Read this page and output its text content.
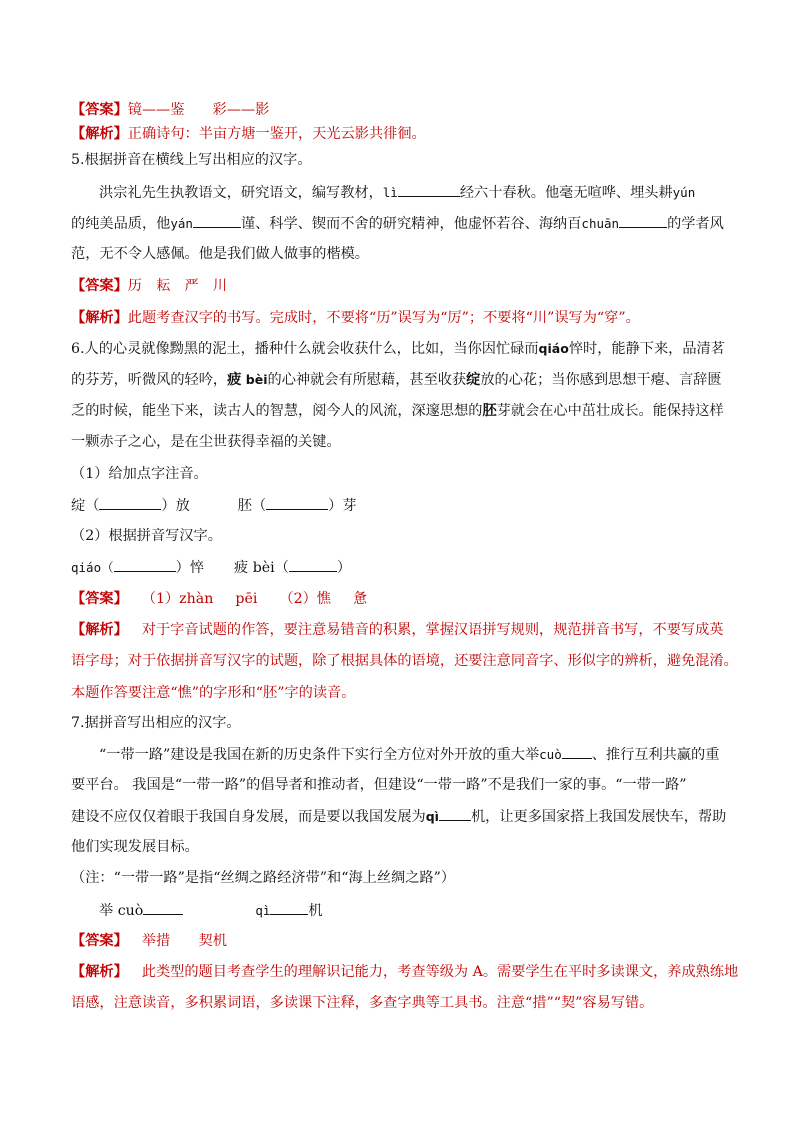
【答案】镜——鉴 彩——影
【解析】正确诗句：半亩方塘一鉴开，天光云影共徘徊。
5.根据拼音在横线上写出相应的汉字。
洪宗礼先生执教语文，研究语文，编写教材，lì	经六十春秋。他毫无喧哗、埋头耕yún
的纯美品质，他yán	谨、科学、锲而不舍的研究精神，他虚怀若谷、海纳百chuān	的学者风
范，无不令人感佩。他是我们做人做事的楷模。
【答案】历　耘　严　川
【解析】此题考查汉字的书写。完成时，不要将“历”误写为“厉”；不要将“川”误写为“穿”。
6.人的心灵就像黝黑的泥土，播种什么就会收获什么，比如，当你因忙碌而qiáo悴时，能静下来，品清茗
的芬芳，听微风的轻吟，疲 bèi的心神就会有所慰藉，甚至收获绽放的心花；当你感到思想干瘪、言辞匮
乏的时候，能坐下来，读古人的智慧，阅今人的风流，深邃思想的胚芽就会在心中茁壮成长。能保持这样
一颗赤子之心，是在尘世获得幸福的关键。
（1）给加点字注音。
绽（	）放	胚（	）芽
（2）根据拼音写汉字。
qiáo（	）悴 疲 bèi（	）
【答案】 （1）zhàn pēi （2）憔 惫
【解析】 对于字音试题的作答，要注意易错音的积累，掌握汉语拼写规则，规范拼音书写，不要写成英
语字母；对于依据拼音写汉字的试题，除了根据具体的语境，还要注意同音字、形似字的辨析，避免混淆。
本题作答要注意“憔”的字形和“胚”字的读音。
7.据拼音写出相应的汉字。
“一带一路”建设是我国在新的历史条件下实行全方位对外开放的重大举cuò 、推行互利共赢的重
要平台。 我国是“一带一路”的倡导者和推动者，但建设“一带一路”不是我们一家的事。“一带一路”
建设不应仅仅着眼于我国自身发展，而是要以我国发展为qì 机，让更多国家搭上我国发展快车，帮助
他们实现发展目标。
（注：“一带一路”是指“丝绸之路经济带”和“海上丝绸之路”）
举 cuò	qì	机
【答案】 举措　　契机
【解析】 此类型的题目考查学生的理解识记能力，考查等级为 A。需要学生在平时多读课文，养成熟练地
语感，注意读音，多积累词语，多读课下注释，多查字典等工具书。注意“措”“契”容易写错。
